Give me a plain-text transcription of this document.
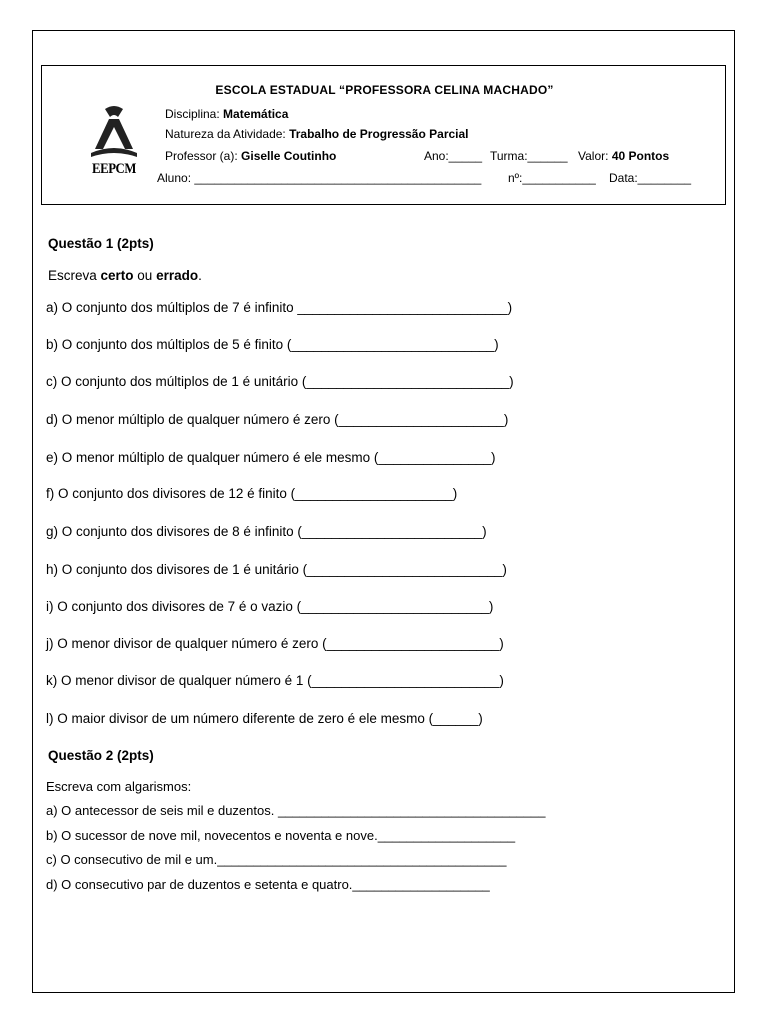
ESCOLA ESTADUAL “PROFESSORA CELINA MACHADO”
EEPCM
Disciplina: Matemática
Natureza da Atividade: Trabalho de Progressão Parcial
Professor (a): Giselle Coutinho	Ano:_____ Turma:______ Valor: 40 Pontos
Aluno: ___________________________________________ nº:___________ Data:________
Questão 1 (2pts)
Escreva certo ou errado.
a) O conjunto dos múltiplos de 7 é infinito ____________________________)
b) O conjunto dos múltiplos de 5 é finito (___________________________)
c) O conjunto dos múltiplos de 1 é unitário (___________________________)
d) O menor múltiplo de qualquer número é zero (______________________)
e) O menor múltiplo de qualquer número é ele mesmo (_______________)
f) O conjunto dos divisores de 12 é finito (_____________________)
g) O conjunto dos divisores de 8 é infinito (________________________)
h) O conjunto dos divisores de 1 é unitário (__________________________)
i) O conjunto dos divisores de 7 é o vazio (_________________________)
j) O menor divisor de qualquer número é zero (_______________________)
k) O menor divisor de qualquer número é 1 (_________________________)
l) O maior divisor de um número diferente de zero é ele mesmo (______)
Questão 2 (2pts)
Escreva com algarismos:
a) O antecessor de seis mil e duzentos. _____________________________________
b) O sucessor de nove mil, novecentos e noventa e nove.___________________
c) O consecutivo de mil e um.________________________________________
d) O consecutivo par de duzentos e setenta e quatro.___________________
